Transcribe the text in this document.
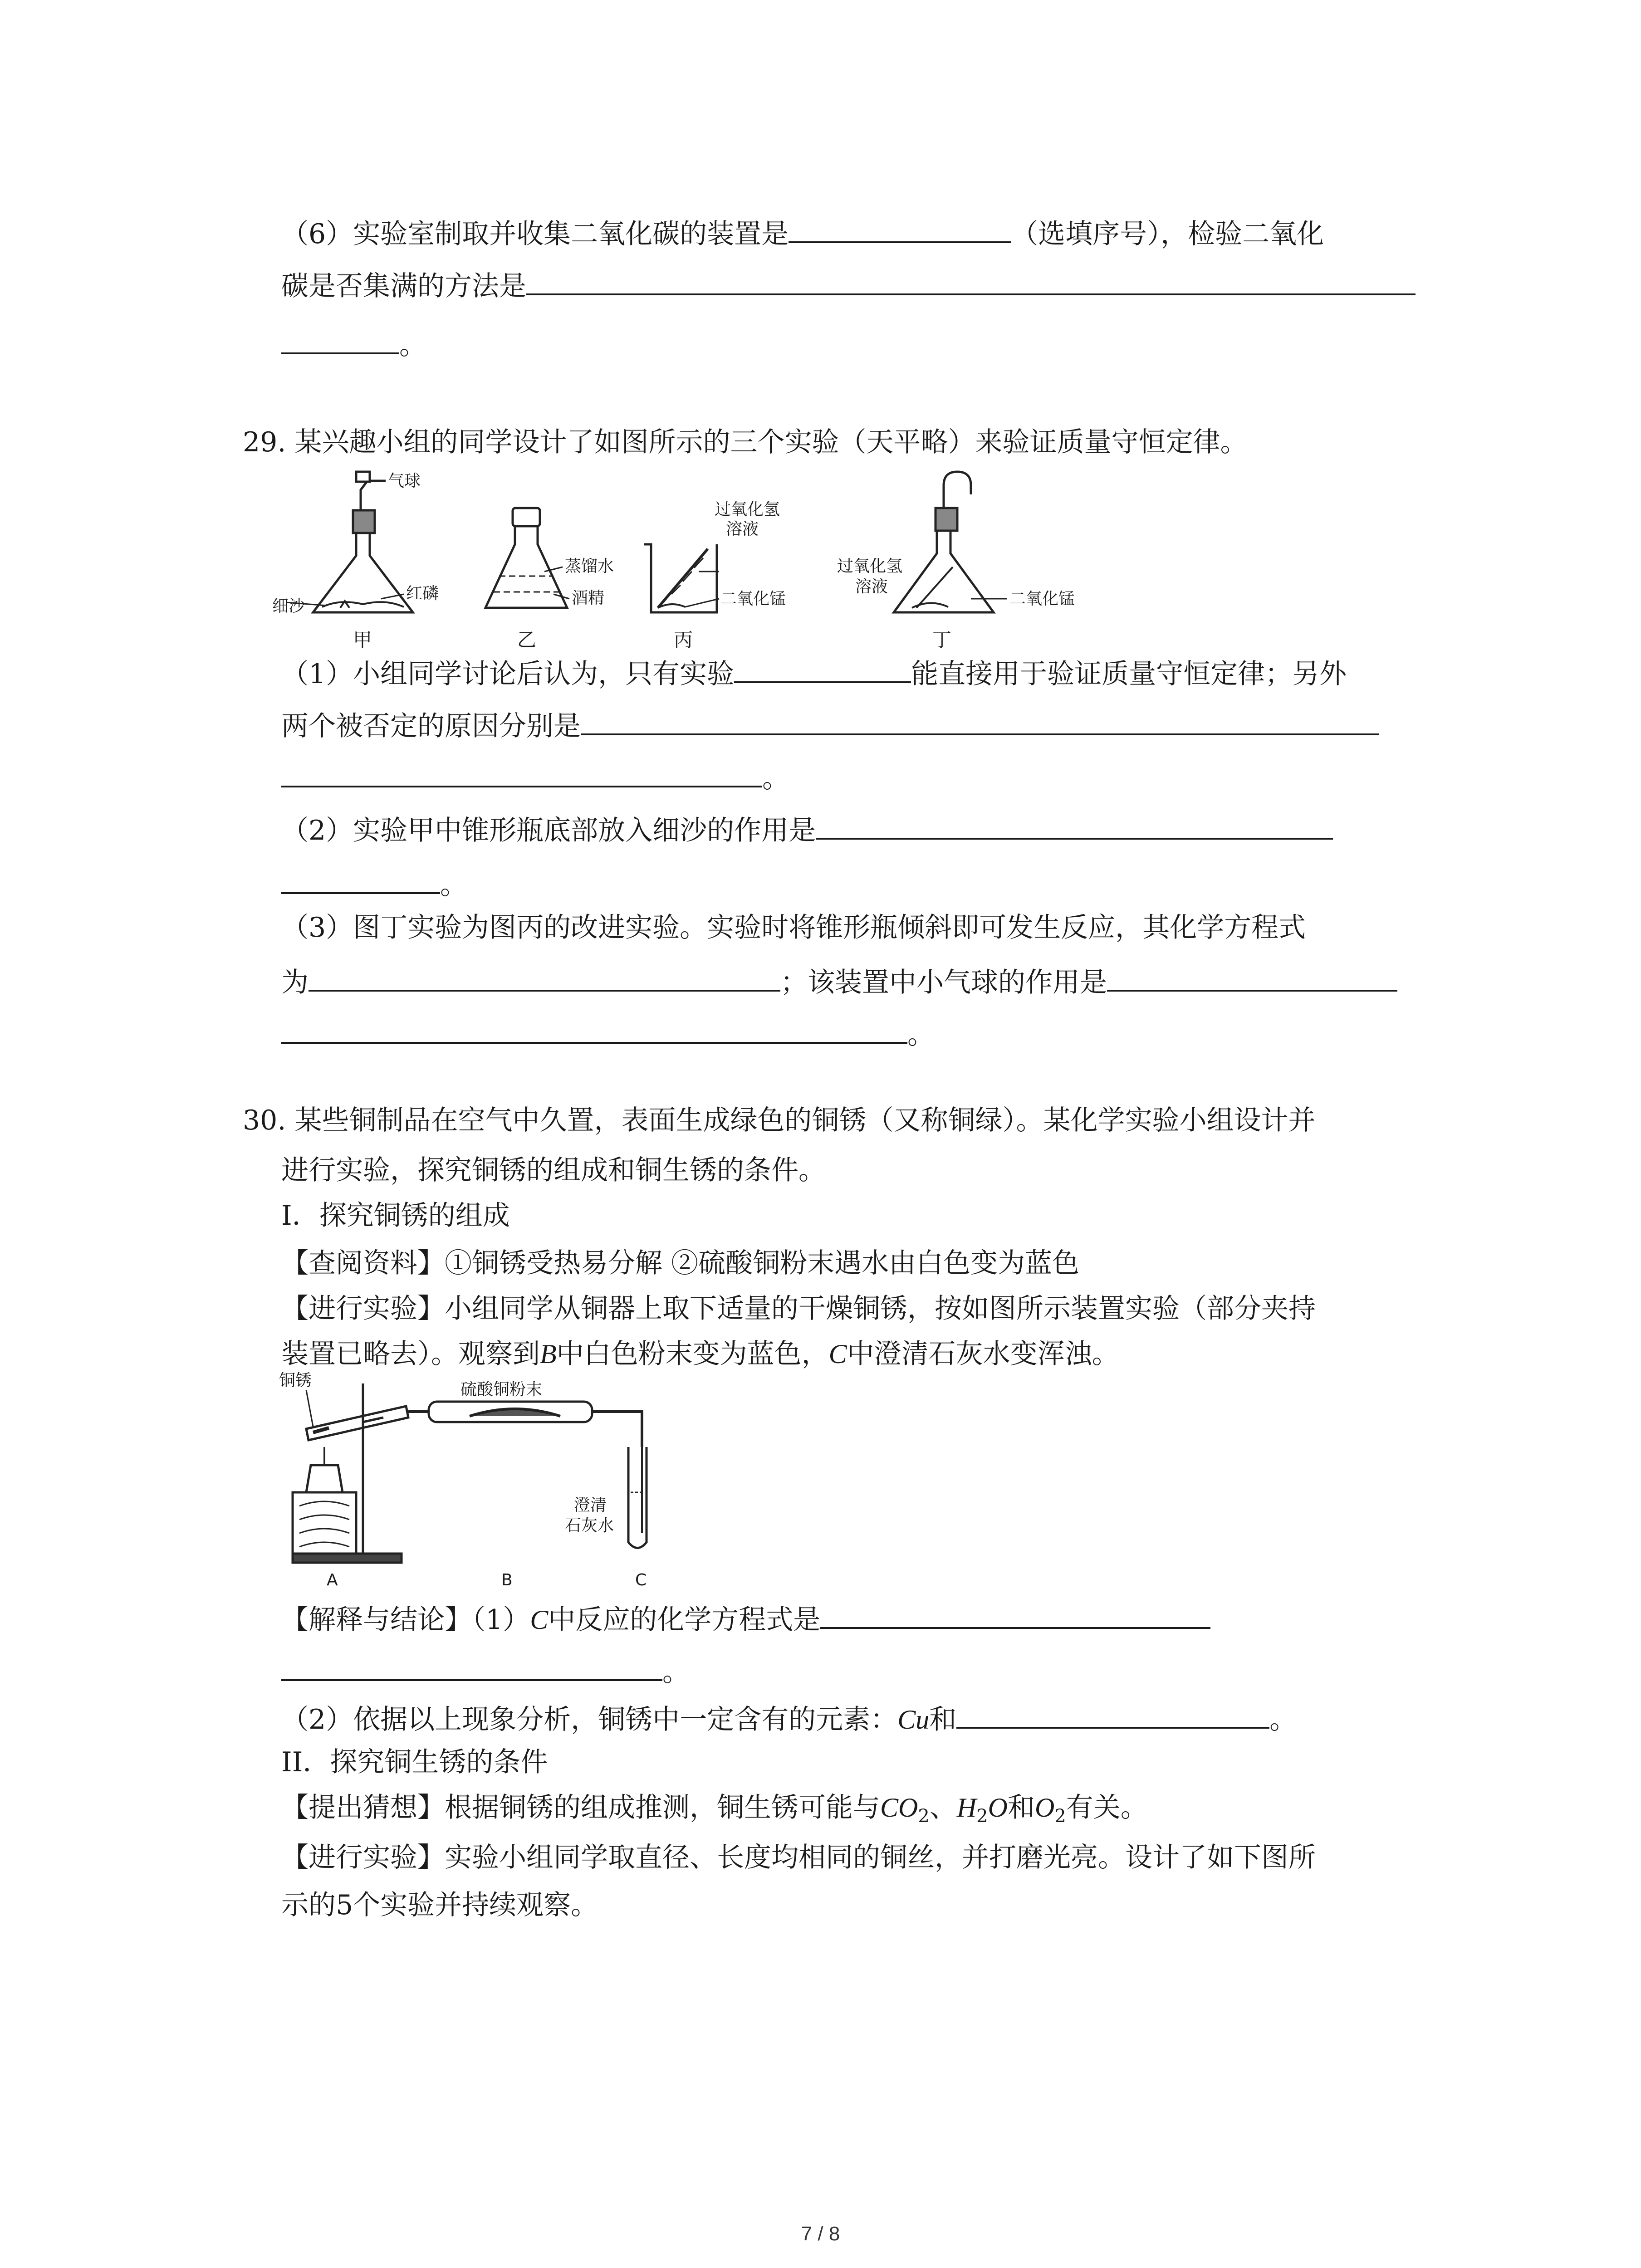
（6）实验室制取并收集二氧化碳的装置是	（选填序号），检验二氧化
碳是否集满的方法是
。
29. 某兴趣小组的同学设计了如图所示的三个实验（天平略）来验证质量守恒定律。
气球
细沙
红磷
甲
蒸馏水
酒精
乙
过氧化氢
溶液
二氧化锰
丙
过氧化氢
溶液
二氧化锰
丁
（1）小组同学讨论后认为，只有实验	能直接用于验证质量守恒定律；另外
两个被否定的原因分别是
。
（2）实验甲中锥形瓶底部放入细沙的作用是
。
（3）图丁实验为图丙的改进实验。实验时将锥形瓶倾斜即可发生反应，其化学方程式
为	；该装置中小气球的作用是
。
30. 某些铜制品在空气中久置，表面生成绿色的铜锈（又称铜绿）。某化学实验小组设计并
进行实验，探究铜锈的组成和铜生锈的条件。
I．探究铜锈的组成
【查阅资料】①铜锈受热易分解 ②硫酸铜粉末遇水由白色变为蓝色
【进行实验】小组同学从铜器上取下适量的干燥铜锈，按如图所示装置实验（部分夹持
装置已略去）。观察到B中白色粉末变为蓝色，C中澄清石灰水变浑浊。
铜锈	硫酸铜粉末
澄清
石灰水
A	B	C
【解释与结论】（1）C中反应的化学方程式是
。
（2）依据以上现象分析，铜锈中一定含有的元素：Cu和	。
II．探究铜生锈的条件
【提出猜想】根据铜锈的组成推测，铜生锈可能与$CO_2$、$H_2O$和$O_2$有关。
【进行实验】实验小组同学取直径、长度均相同的铜丝，并打磨光亮。设计了如下图所
示的5个实验并持续观察。
7 / 8
